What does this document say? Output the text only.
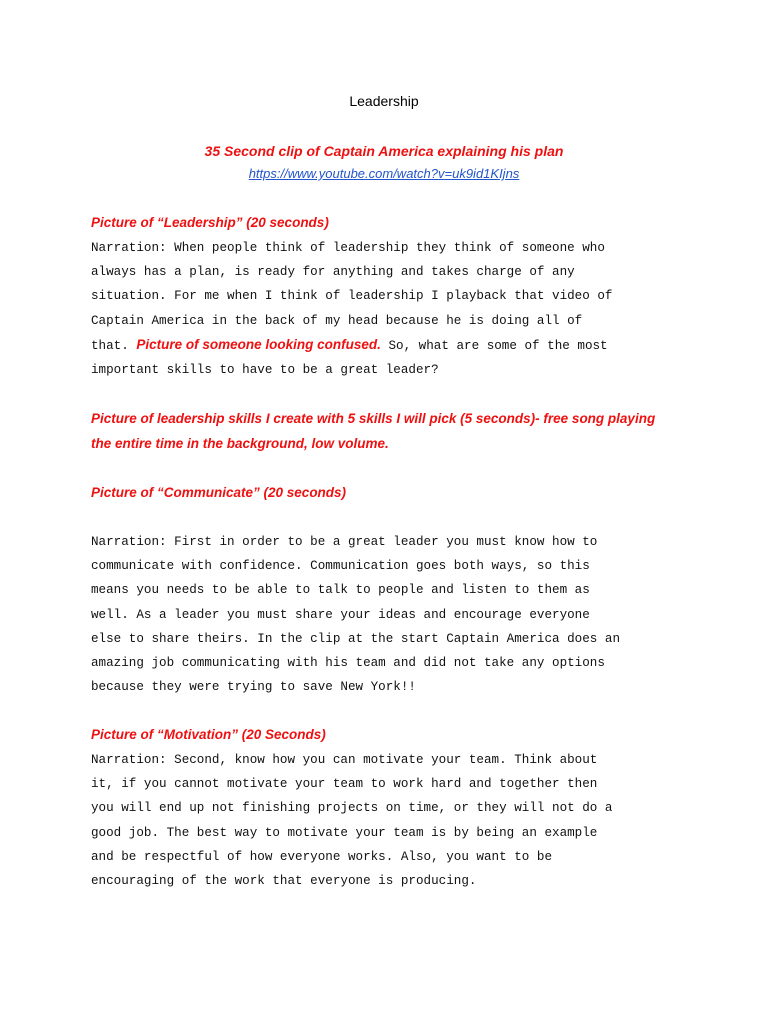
Leadership
35 Second clip of Captain America explaining his plan
https://www.youtube.com/watch?v=uk9id1KIjns

Picture of “Leadership” (20 seconds)

Narration: When people think of leadership they think of someone who
always has a plan, is ready for anything and takes charge of any
situation. For me when I think of leadership I playback that video of
Captain America in the back of my head because he is doing all of
that. Picture of someone looking confused. So, what are some of the most
important skills to have to be a great leader?

Picture of leadership skills I create with 5 skills I will pick (5 seconds)- free song playing
the entire time in the background, low volume.

Picture of “Communicate” (20 seconds)

Narration: First in order to be a great leader you must know how to
communicate with confidence. Communication goes both ways, so this
means you needs to be able to talk to people and listen to them as
well. As a leader you must share your ideas and encourage everyone
else to share theirs. In the clip at the start Captain America does an
amazing job communicating with his team and did not take any options
because they were trying to save New York!!

Picture of “Motivation” (20 Seconds)

Narration: Second, know how you can motivate your team. Think about
it, if you cannot motivate your team to work hard and together then
you will end up not finishing projects on time, or they will not do a
good job. The best way to motivate your team is by being an example
and be respectful of how everyone works. Also, you want to be
encouraging of the work that everyone is producing.
